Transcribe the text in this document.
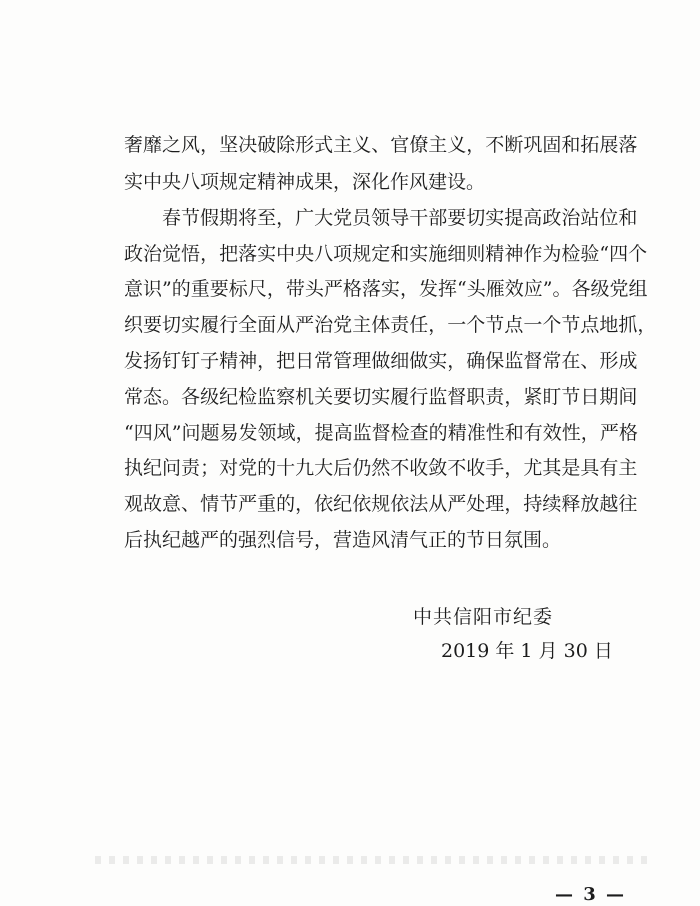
奢 靡 之 风 ， 坚 决 破 除 形 式 主 义 、 官 僚 主 义 ， 不 断 巩 固 和 拓 展 落
实中央八项规定精神成果，深化作风建设。
春 节 假 期 将 至 ， 广 大 党 员 领 导 干 部 要 切 实 提 高 政 治 站 位 和
政 治 觉 悟 ， 把 落 实 中 央 八 项 规 定 和 实 施 细 则 精 神 作 为 检 验 “ 四 个
意 识 ” 的 重 要 标 尺 ， 带 头 严 格 落 实 ， 发 挥 “ 头 雁 效 应 ” 。 各 级 党 组
织 要 切 实 履 行 全 面 从 严 治 党 主 体 责 任 ， 一 个 节 点 一 个 节 点 地 抓 ，
发 扬 钉 钉 子 精 神 ， 把 日 常 管 理 做 细 做 实 ， 确 保 监 督 常 在 、 形 成
常 态 。 各 级 纪 检 监 察 机 关 要 切 实 履 行 监 督 职 责 ， 紧 盯 节 日 期 间
“ 四 风 ” 问 题 易 发 领 域 ， 提 高 监 督 检 查 的 精 准 性 和 有 效 性 ， 严 格
执 纪 问 责 ； 对 党 的 十 九 大 后 仍 然 不 收 敛 不 收 手 ， 尤 其 是 具 有 主
观 故 意 、 情 节 严 重 的 ， 依 纪 依 规 依 法 从 严 处 理 ， 持 续 释 放 越 往
后执纪越严的强烈信号，营造风清气正的节日氛围。
中共信阳市纪委
2019 年 1 月 30 日
— 3 —
